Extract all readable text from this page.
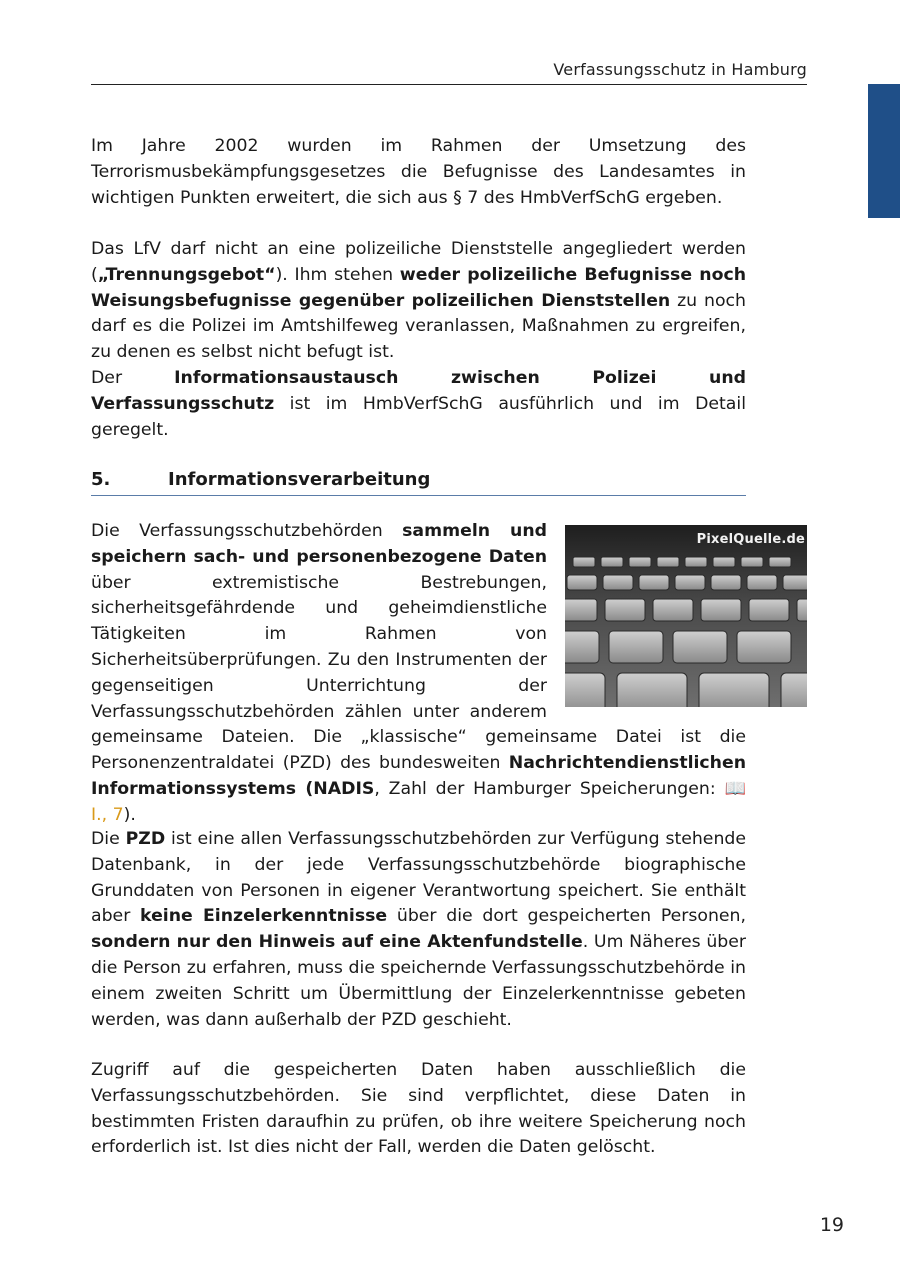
Verfassungsschutz in Hamburg

Im Jahre 2002 wurden im Rahmen der Umsetzung des Terrorismusbekämpfungsgesetzes die Befugnisse des Landesamtes in wichtigen Punkten erweitert, die sich aus § 7 des HmbVerfSchG ergeben.

Das LfV darf nicht an eine polizeiliche Dienststelle angegliedert werden („Trennungsgebot“). Ihm stehen weder polizeiliche Befugnisse noch Weisungsbefugnisse gegenüber polizeilichen Dienststellen zu noch darf es die Polizei im Amtshilfeweg veranlassen, Maßnahmen zu ergreifen, zu denen es selbst nicht befugt ist.

Der Informationsaustausch zwischen Polizei und Verfassungsschutz ist im HmbVerfSchG ausführlich und im Detail geregelt.

5.	Informationsverarbeitung
PixelQuelle.de
Die Verfassungsschutzbehörden sammeln und speichern sach- und personenbezogene Daten über extremistische Bestrebungen, sicherheitsgefährdende und geheimdienstliche Tätigkeiten im Rahmen von Sicherheitsüberprüfungen. Zu den Instrumenten der gegenseitigen Unterrichtung der Verfassungsschutzbehörden zählen unter anderem gemeinsame Dateien. Die „klassische“ gemeinsame Datei ist die Personenzentraldatei (PZD) des bundesweiten Nachrichtendienstlichen Informationssystems (NADIS, Zahl der Hamburger Speicherungen: 📖 I., 7).

Die PZD ist eine allen Verfassungsschutzbehörden zur Verfügung stehende Datenbank, in der jede Verfassungsschutzbehörde biographische Grunddaten von Personen in eigener Verantwortung speichert. Sie enthält aber keine Einzelerkenntnisse über die dort gespeicherten Personen, sondern nur den Hinweis auf eine Aktenfundstelle. Um Näheres über die Person zu erfahren, muss die speichernde Verfassungsschutzbehörde in einem zweiten Schritt um Übermittlung der Einzelerkenntnisse gebeten werden, was dann außerhalb der PZD geschieht.

Zugriff auf die gespeicherten Daten haben ausschließlich die Verfassungsschutzbehörden. Sie sind verpflichtet, diese Daten in bestimmten Fristen daraufhin zu prüfen, ob ihre weitere Speicherung noch erforderlich ist. Ist dies nicht der Fall, werden die Daten gelöscht.

19
